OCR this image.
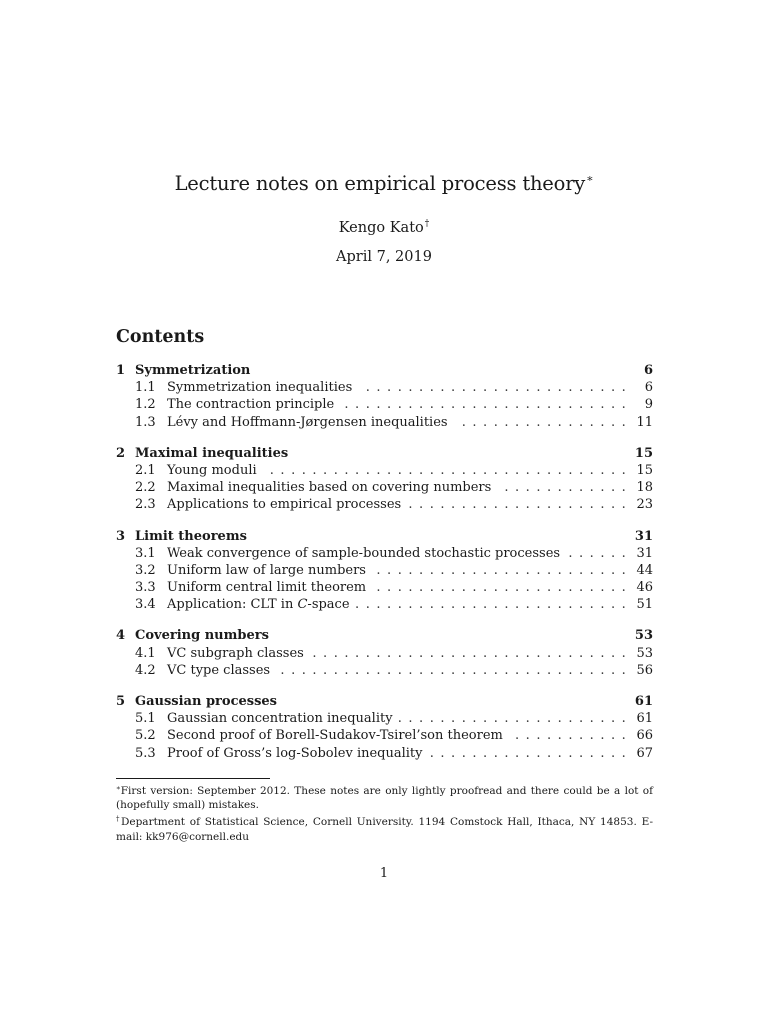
Lecture notes on empirical process theory∗
Kengo Kato†
April 7, 2019
Contents
1 Symmetrization	6
1.1 Symmetrization inequalities . . .	6
1.2 The contraction principle . . .	9
1.3 Lévy and Hoffmann-Jørgensen inequalities . . .	11
2 Maximal inequalities	15
2.1 Young moduli . . .	15
2.2 Maximal inequalities based on covering numbers . . .	18
2.3 Applications to empirical processes . . .	23
3 Limit theorems	31
3.1 Weak convergence of sample-bounded stochastic processes . . .	31
3.2 Uniform law of large numbers . . .	44
3.3 Uniform central limit theorem . . .	46
3.4 Application: CLT in C-space . . .	51
4 Covering numbers	53
4.1 VC subgraph classes . . .	53
4.2 VC type classes . . .	56
5 Gaussian processes	61
5.1 Gaussian concentration inequality . . .	61
5.2 Second proof of Borell-Sudakov-Tsirel’son theorem . . .	66
5.3 Proof of Gross’s log-Sobolev inequality . . .	67

∗First version: September 2012. These notes are only lightly proofread and there could be a lot of (hopefully small) mistakes.

†Department of Statistical Science, Cornell University. 1194 Comstock Hall, Ithaca, NY 14853. E-mail: kk976@cornell.edu

1
